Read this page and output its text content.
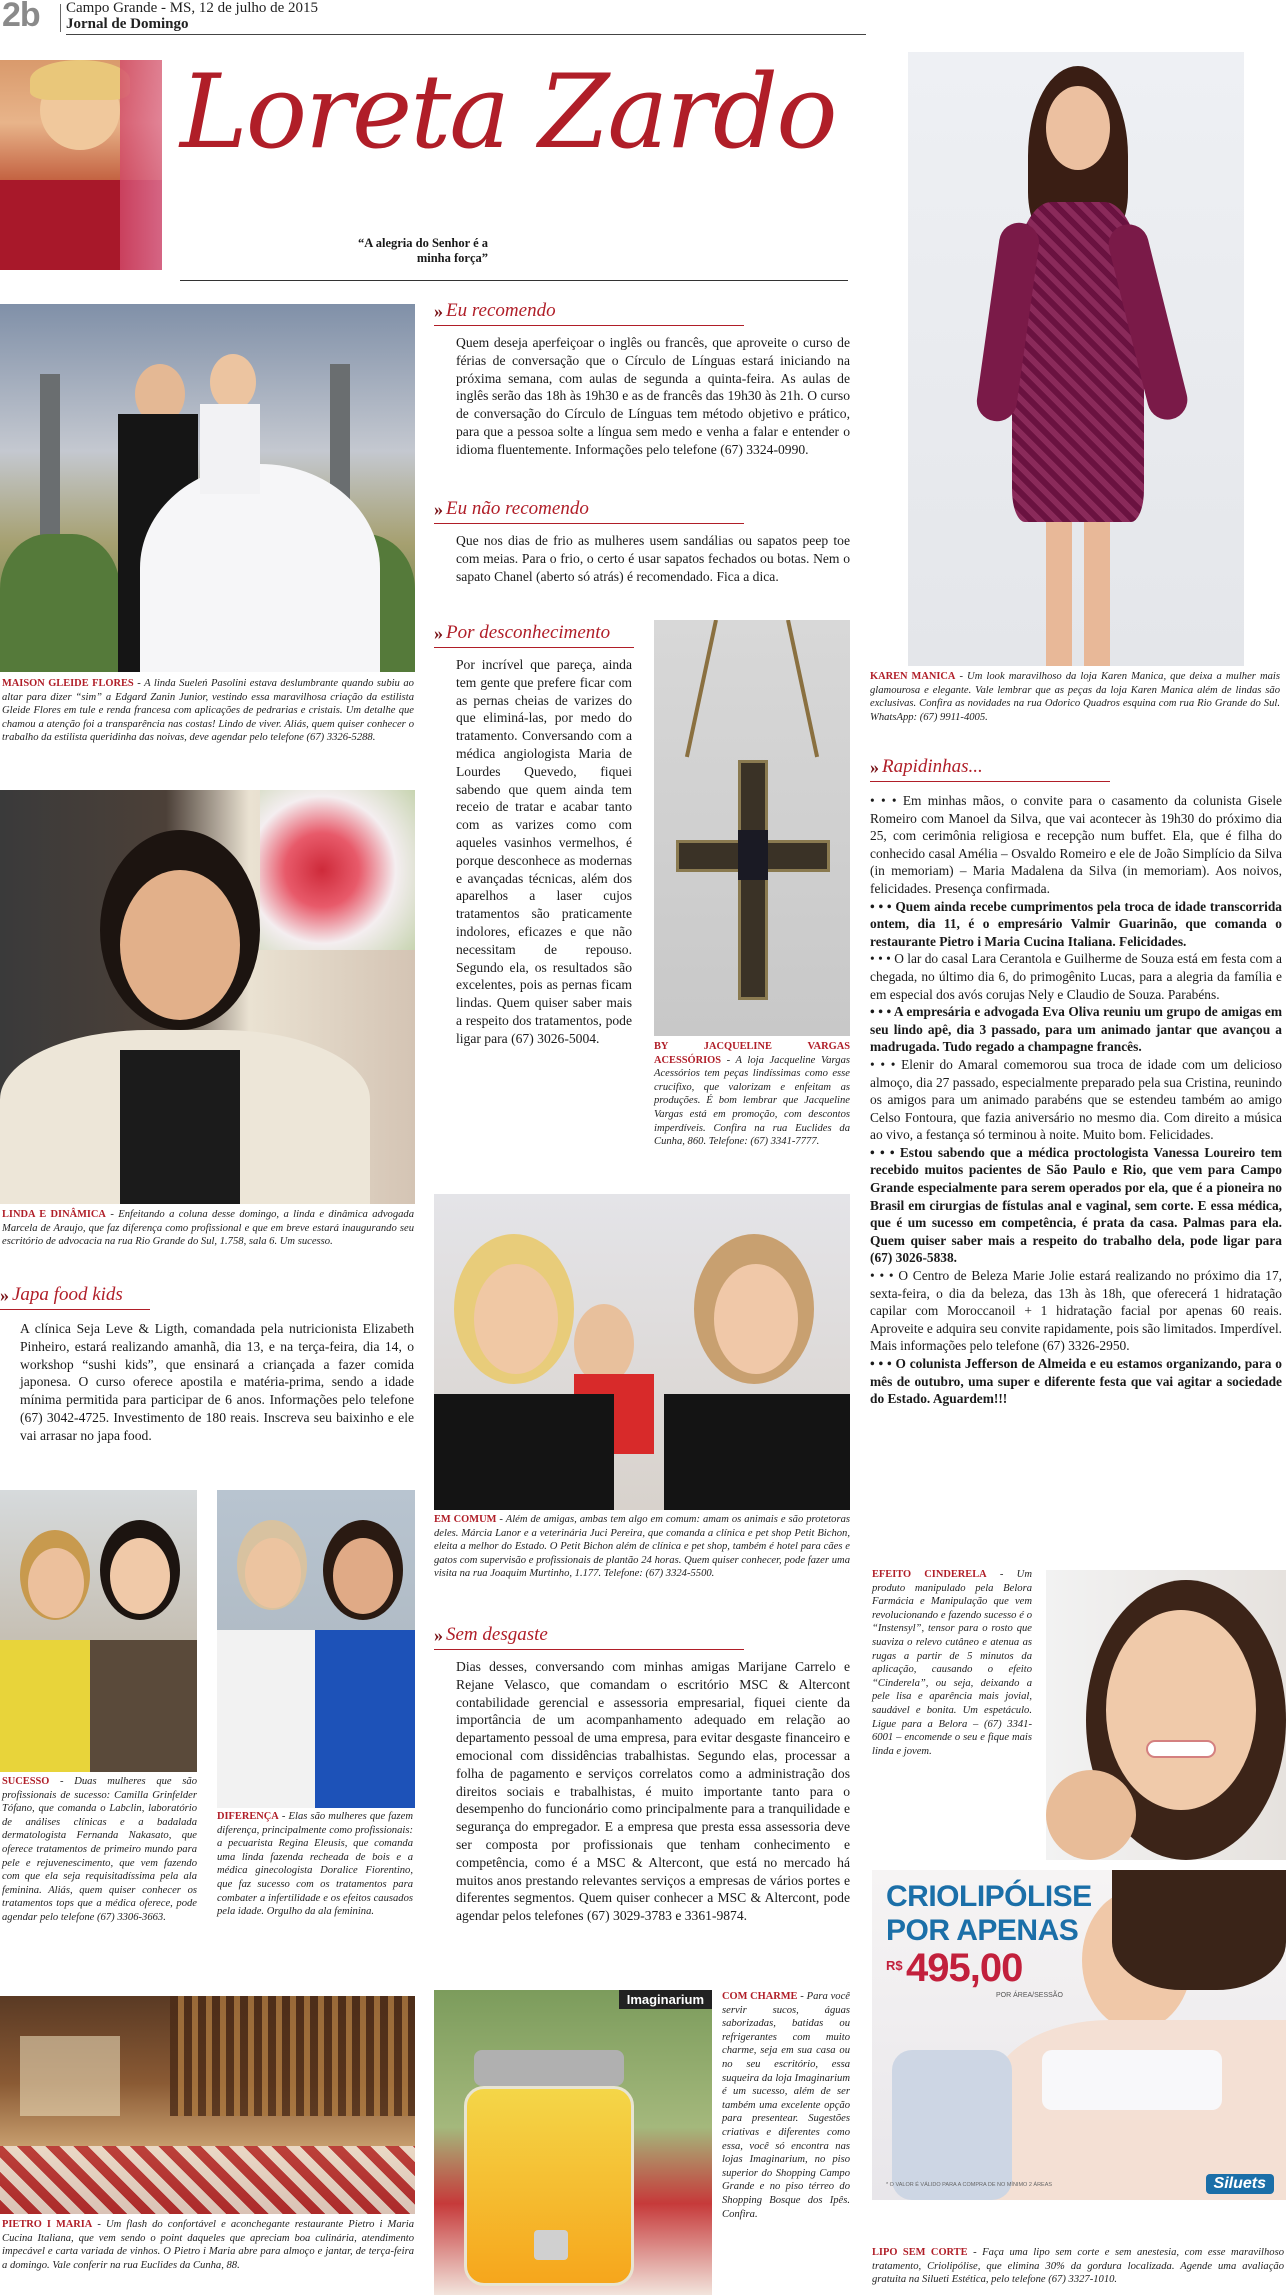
2b Campo Grande - MS, 12 de julho de 2015
Jornal de Domingo
Loreta Zardo
“A alegria do Senhor é a minha força”
MAISON GLEIDE FLORES - A linda Sueleń Pasolini estava deslumbrante quando subiu ao altar para dizer “sim” a Edgard Zanin Junior, vestindo essa maravilhosa criação da estilista Gleide Flores em tule e renda francesa com aplicações de pedrarias e cristais. Um detalhe que chamou a atenção foi a transparência nas costas! Lindo de viver. Aliás, quem quiser conhecer o trabalho da estilista queridinha das noivas, deve agendar pelo telefone (67) 3326-5288.
LINDA E DINÂMICA - Enfeitando a coluna desse domingo, a linda e dinâmica advogada Marcela de Araujo, que faz diferença como profissional e que em breve estará inaugurando seu escritório de advocacia na rua Rio Grande do Sul, 1.758, sala 6. Um sucesso.
» Japa food kids
A clínica Seja Leve & Ligth, comandada pela nutricionista Elizabeth Pinheiro, estará realizando amanhã, dia 13, e na terça-feira, dia 14, o workshop “sushi kids”, que ensinará a criançada a fazer comida japonesa. O curso oferece apostila e matéria-prima, sendo a idade mínima permitida para participar de 6 anos. Informações pelo telefone (67) 3042-4725. Investimento de 180 reais. Inscreva seu baixinho e ele vai arrasar no japa food.
SUCESSO - Duas mulheres que são profissionais de sucesso: Camilla Grinfelder Tófano, que comanda o Labclin, laboratório de análises clínicas e a badalada dermatologista Fernanda Nakasato, que oferece tratamentos de primeiro mundo para pele e rejuvenescimento, que vem fazendo com que ela seja requisitadíssima pela ala feminina. Aliás, quem quiser conhecer os tratamentos tops que a médica oferece, pode agendar pelo telefone (67) 3306-3663.
DIFERENÇA - Elas são mulheres que fazem diferença, principalmente como profissionais: a pecuarista Regina Eleusis, que comanda uma linda fazenda recheada de bois e a médica ginecologista Doralice Fiorentino, que faz sucesso com os tratamentos para combater a infertilidade e os efeitos causados pela idade. Orgulho da ala feminina.
PIETRO I MARIA - Um flash do confortável e aconchegante restaurante Pietro i Maria Cucina Italiana, que vem sendo o point daqueles que apreciam boa culinária, atendimento impecável e carta variada de vinhos. O Pietro i Maria abre para almoço e jantar, de terça-feira a domingo. Vale conferir na rua Euclides da Cunha, 88.
» Eu recomendo
Quem deseja aperfeiçoar o inglês ou francês, que aproveite o curso de férias de conversação que o Círculo de Línguas estará iniciando na próxima semana, com aulas de segunda a quinta-feira. As aulas de inglês serão das 18h às 19h30 e as de francês das 19h30 às 21h. O curso de conversação do Círculo de Línguas tem método objetivo e prático, para que a pessoa solte a língua sem medo e venha a falar e entender o idioma fluentemente. Informações pelo telefone (67) 3324-0990.
» Eu não recomendo
Que nos dias de frio as mulheres usem sandálias ou sapatos peep toe com meias. Para o frio, o certo é usar sapatos fechados ou botas. Nem o sapato Chanel (aberto só atrás) é recomendado. Fica a dica.
» Por desconhecimento
Por incrível que pareça, ainda tem gente que prefere ficar com as pernas cheias de varizes do que eliminá-las, por medo do tratamento. Conversando com a médica angiologista Maria de Lourdes Quevedo, fiquei sabendo que quem ainda tem receio de tratar e acabar tanto com as varizes como com aqueles vasinhos vermelhos, é porque desconhece as modernas e avançadas técnicas, além dos aparelhos a laser cujos tratamentos são praticamente indolores, eficazes e que não necessitam de repouso. Segundo ela, os resultados são excelentes, pois as pernas ficam lindas. Quem quiser saber mais a respeito dos tratamentos, pode ligar para (67) 3026-5004.
BY JACQUELINE VARGAS ACESSÓRIOS - A loja Jacqueline Vargas Acessórios tem peças lindíssimas como esse crucifixo, que valorizam e enfeitam as produções. É bom lembrar que Jacqueline Vargas está em promoção, com descontos imperdíveis. Confira na rua Euclides da Cunha, 860. Telefone: (67) 3341-7777.
EM COMUM - Além de amigas, ambas tem algo em comum: amam os animais e são protetoras deles. Márcia Lanor e a veterinária Juci Pereira, que comanda a clínica e pet shop Petit Bichon, eleita a melhor do Estado. O Petit Bichon além de clínica e pet shop, também é hotel para cães e gatos com supervisão e profissionais de plantão 24 horas. Quem quiser conhecer, pode fazer uma visita na rua Joaquim Murtinho, 1.177. Telefone: (67) 3324-5500.
» Sem desgaste
Dias desses, conversando com minhas amigas Marijane Carrelo e Rejane Velasco, que comandam o escritório MSC & Altercont contabilidade gerencial e assessoria empresarial, fiquei ciente da importância de um acompanhamento adequado em relação ao departamento pessoal de uma empresa, para evitar desgaste financeiro e emocional com dissidências trabalhistas. Segundo elas, processar a folha de pagamento e serviços correlatos como a administração dos direitos sociais e trabalhistas, é muito importante tanto para o desempenho do funcionário como principalmente para a tranquilidade e segurança do empregador. E a empresa que presta essa assessoria deve ser composta por profissionais que tenham conhecimento e competência, como é a MSC & Altercont, que está no mercado há muitos anos prestando relevantes serviços a empresas de vários portes e diferentes segmentos. Quem quiser conhecer a MSC & Altercont, pode agendar pelos telefones (67) 3029-3783 e 3361-9874.
Imaginarium	COM CHARME - Para você servir sucos, águas saborizadas, batidas ou refrigerantes com muito charme, seja em sua casa ou no seu escritório, essa suqueira da loja Imaginarium é um sucesso, além de ser também uma excelente opção para presentear. Sugestões criativas e diferentes como essa, você só encontra nas lojas Imaginarium, no piso superior do Shopping Campo Grande e no piso térreo do Shopping Bosque dos Ipês. Confira.
KAREN MANICA - Um look maravilhoso da loja Karen Manica, que deixa a mulher mais glamourosa e elegante. Vale lembrar que as peças da loja Karen Manica além de lindas são exclusivas. Confira as novidades na rua Odorico Quadros esquina com rua Rio Grande do Sul. WhatsApp: (67) 9911-4005.
» Rapidinhas...

• • • Em minhas mãos, o convite para o casamento da colunista Gisele Romeiro com Manoel da Silva, que vai acontecer às 19h30 do próximo dia 25, com cerimônia religiosa e recepção num buffet. Ela, que é filha do conhecido casal Amélia – Osvaldo Romeiro e ele de João Simplício da Silva (in memoriam) – Maria Madalena da Silva (in memoriam). Aos noivos, felicidades. Presença confirmada.

• • • Quem ainda recebe cumprimentos pela troca de idade transcorrida ontem, dia 11, é o empresário Valmir Guarinão, que comanda o restaurante Pietro i Maria Cucina Italiana. Felicidades.

• • • O lar do casal Lara Cerantola e Guilherme de Souza está em festa com a chegada, no último dia 6, do primogênito Lucas, para a alegria da família e em especial dos avós corujas Nely e Claudio de Souza. Parabéns.

• • • A empresária e advogada Eva Oliva reuniu um grupo de amigas em seu lindo apê, dia 3 passado, para um animado jantar que avançou a madrugada. Tudo regado a champagne francês.

• • • Elenir do Amaral comemorou sua troca de idade com um delicioso almoço, dia 27 passado, especialmente preparado pela sua Cristina, reunindo os amigos para um animado parabéns que se estendeu também ao amigo Celso Fontoura, que fazia aniversário no mesmo dia. Com direito a música ao vivo, a festança só terminou à noite. Muito bom. Felicidades.

• • • Estou sabendo que a médica proctologista Vanessa Loureiro tem recebido muitos pacientes de São Paulo e Rio, que vem para Campo Grande especialmente para serem operados por ela, que é a pioneira no Brasil em cirurgias de fístulas anal e vaginal, sem corte. E essa médica, que é um sucesso em competência, é prata da casa. Palmas para ela. Quem quiser saber mais a respeito do trabalho dela, pode ligar para (67) 3026-5838.

• • • O Centro de Beleza Marie Jolie estará realizando no próximo dia 17, sexta-feira, o dia da beleza, das 13h às 18h, que oferecerá 1 hidratação capilar com Moroccanoil + 1 hidratação facial por apenas 60 reais. Aproveite e adquira seu convite rapidamente, pois são limitados. Imperdível. Mais informações pelo telefone (67) 3326-2950.

• • • O colunista Jefferson de Almeida e eu estamos organizando, para o mês de outubro, uma super e diferente festa que vai agitar a sociedade do Estado. Aguardem!!!

EFEITO CINDERELA - Um produto manipulado pela Belora Farmácia e Manipulação que vem revolucionando e fazendo sucesso é o “Instensyl”, tensor para o rosto que suaviza o relevo cutâneo e atenua as rugas a partir de 5 minutos da aplicação, causando o efeito “Cinderela”, ou seja, deixando a pele lisa e aparência mais jovial, saudável e bonita. Um espetáculo. Ligue para a Belora – (67) 3341-6001 – encomende o seu e fique mais linda e jovem.
CRIOLIPÓLISE
POR APENAS
R$ 495,00
POR ÁREA/SESSÃO
* O VALOR É VÁLIDO PARA A COMPRA DE NO MÍNIMO 2 ÁREAS	Siluets
LIPO SEM CORTE - Faça uma lipo sem corte e sem anestesia, com esse maravilhoso tratamento, Criolipólise, que elimina 30% da gordura localizada. Agende uma avaliação gratuita na Silueti Estética, pelo telefone (67) 3327-1010.
